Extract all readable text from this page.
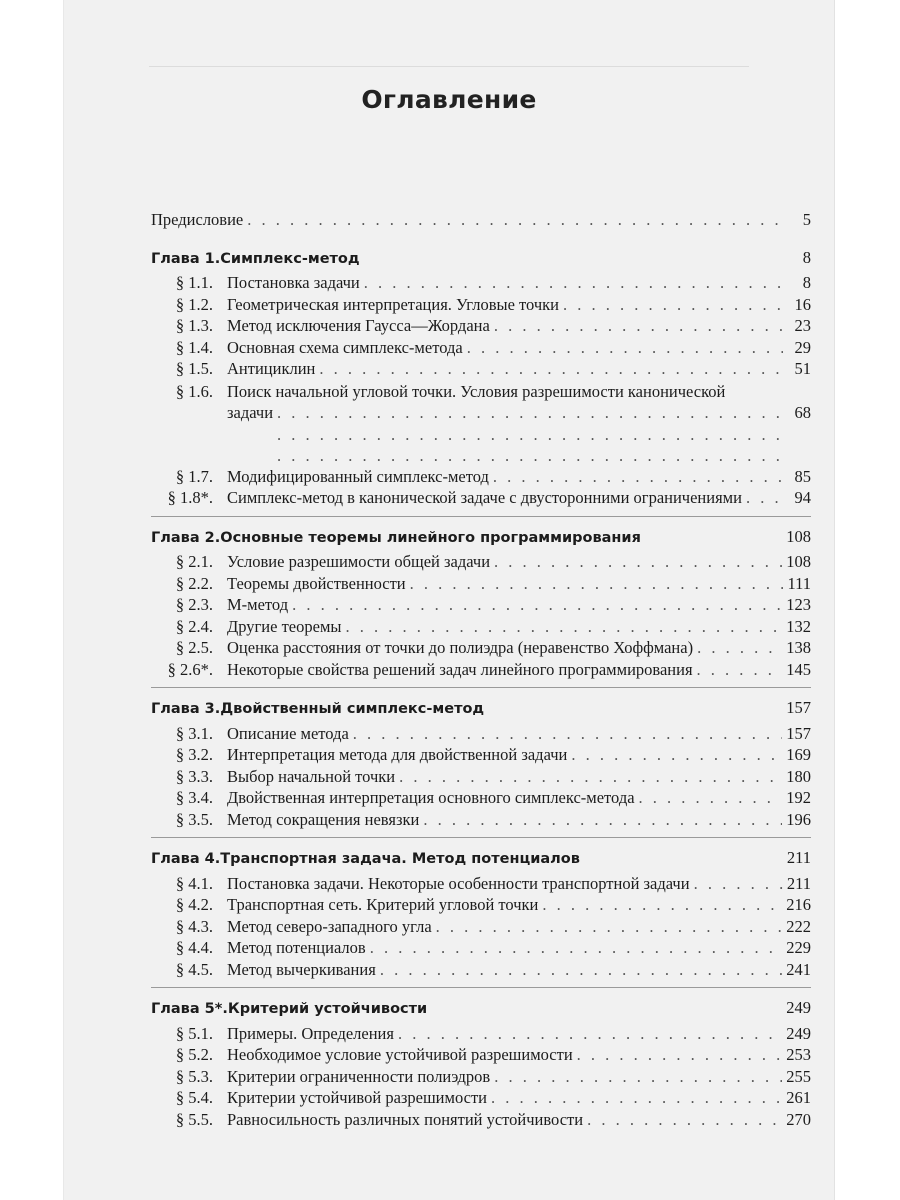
Оглавление
Предисловие . . .	5
Глава 1. Симплекс-метод	8
§ 1.1. Постановка задачи . . .	8
§ 1.2. Геометрическая интерпретация. Угловые точки . . .	16
§ 1.3. Метод исключения Гаусса—Жордана . . .	23
§ 1.4. Основная схема симплекс-метода . . .	29
§ 1.5. Антициклин . . .	51
§ 1.6. Поиск начальной угловой точки. Условия разрешимости канонической
задачи . . .	68
§ 1.7. Модифицированный симплекс-метод . . .	85
§ 1.8*. Симплекс-метод в канонической задаче с двусторонними ограничениями . . .	94
Глава 2. Основные теоремы линейного программирования	108
§ 2.1. Условие разрешимости общей задачи . . .	108
§ 2.2. Теоремы двойственности . . .	111
§ 2.3. M-метод . . .	123
§ 2.4. Другие теоремы . . .	132
§ 2.5. Оценка расстояния от точки до полиэдра (неравенство Хоффмана) . . .	138
§ 2.6*. Некоторые свойства решений задач линейного программирования . . .	145
Глава 3. Двойственный симплекс-метод	157
§ 3.1. Описание метода . . .	157
§ 3.2. Интерпретация метода для двойственной задачи . . .	169
§ 3.3. Выбор начальной точки . . .	180
§ 3.4. Двойственная интерпретация основного симплекс-метода . . .	192
§ 3.5. Метод сокращения невязки . . .	196
Глава 4. Транспортная задача. Метод потенциалов	211
§ 4.1. Постановка задачи. Некоторые особенности транспортной задачи . . .	211
§ 4.2. Транспортная сеть. Критерий угловой точки . . .	216
§ 4.3. Метод северо-западного угла . . .	222
§ 4.4. Метод потенциалов . . .	229
§ 4.5. Метод вычеркивания . . .	241
Глава 5*. Критерий устойчивости	249
§ 5.1. Примеры. Определения . . .	249
§ 5.2. Необходимое условие устойчивой разрешимости . . .	253
§ 5.3. Критерии ограниченности полиэдров . . .	255
§ 5.4. Критерии устойчивой разрешимости . . .	261
§ 5.5. Равносильность различных понятий устойчивости . . .	270
